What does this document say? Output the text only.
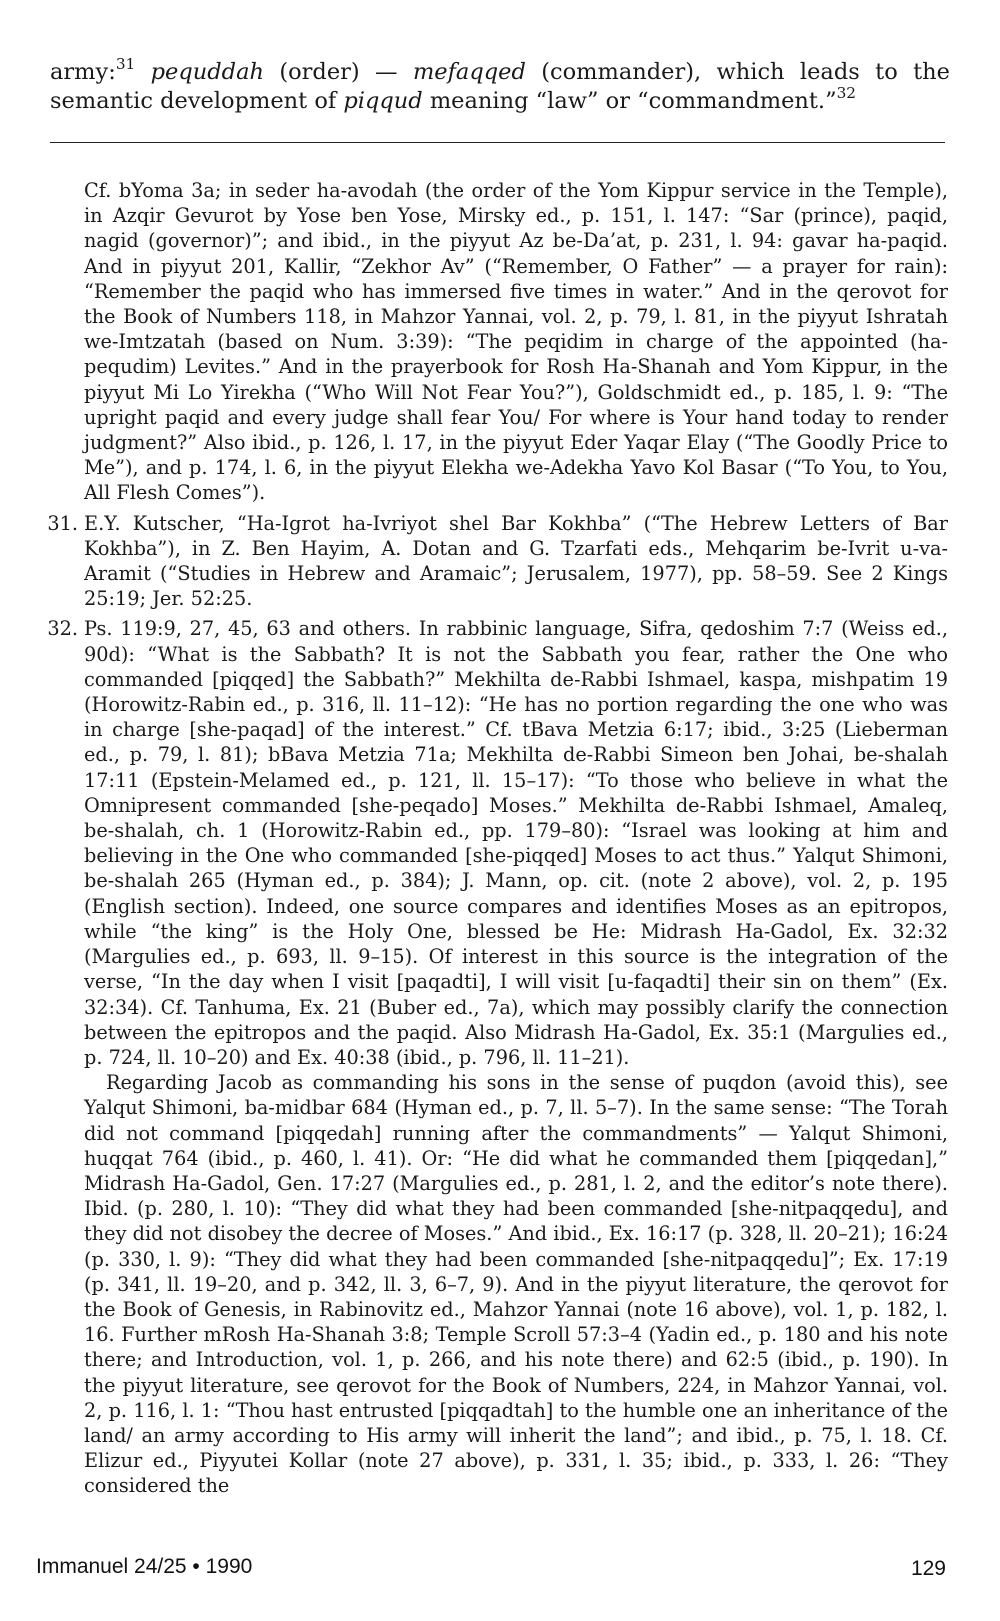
army:$^{31}$ pequddah (order) — mefaqqed (commander), which leads to the semantic development of piqqud meaning “law” or “commandment.”$^{32}$

Cf. bYoma 3a; in seder ha-avodah (the order of the Yom Kippur service in the Temple), in Azqir Gevurot by Yose ben Yose, Mirsky ed., p. 151, l. 147: “Sar (prince), paqid, nagid (governor)”; and ibid., in the piyyut Az be-Da’at, p. 231, l. 94: gavar ha-paqid. And in piyyut 201, Kallir, “Zekhor Av” (“Remember, O Father” — a prayer for rain): “Remember the paqid who has immersed five times in water.” And in the qerovot for the Book of Numbers 118, in Mahzor Yannai, vol. 2, p. 79, l. 81, in the piyyut Ishratah we-Imtzatah (based on Num. 3:39): “The peqidim in charge of the appointed (ha-pequdim) Levites.” And in the prayerbook for Rosh Ha-Shanah and Yom Kippur, in the piyyut Mi Lo Yirekha (“Who Will Not Fear You?”), Goldschmidt ed., p. 185, l. 9: “The upright paqid and every judge shall fear You/ For where is Your hand today to render judgment?” Also ibid., p. 126, l. 17, in the piyyut Eder Yaqar Elay (“The Goodly Price to Me”), and p. 174, l. 6, in the piyyut Elekha we-Adekha Yavo Kol Basar (“To You, to You, All Flesh Comes”).

31. E.Y. Kutscher, “Ha-Igrot ha-Ivriyot shel Bar Kokhba” (“The Hebrew Letters of Bar Kokhba”), in Z. Ben Hayim, A. Dotan and G. Tzarfati eds., Mehqarim be-Ivrit u-va-Aramit (“Studies in Hebrew and Aramaic”; Jerusalem, 1977), pp. 58–59. See 2 Kings 25:19; Jer. 52:25.

32. Ps. 119:9, 27, 45, 63 and others. In rabbinic language, Sifra, qedoshim 7:7 (Weiss ed., 90d): “What is the Sabbath? It is not the Sabbath you fear, rather the One who commanded [piqqed] the Sabbath?” Mekhilta de-Rabbi Ishmael, kaspa, mishpatim 19 (Horowitz-Rabin ed., p. 316, ll. 11–12): “He has no portion regarding the one who was in charge [she-paqad] of the interest.” Cf. tBava Metzia 6:17; ibid., 3:25 (Lieberman ed., p. 79, l. 81); bBava Metzia 71a; Mekhilta de-Rabbi Simeon ben Johai, be-shalah 17:11 (Epstein-Melamed ed., p. 121, ll. 15–17): “To those who believe in what the Omnipresent commanded [she-peqado] Moses.” Mekhilta de-Rabbi Ishmael, Amaleq, be-shalah, ch. 1 (Horowitz-Rabin ed., pp. 179–80): “Israel was looking at him and believing in the One who commanded [she-piqqed] Moses to act thus.” Yalqut Shimoni, be-shalah 265 (Hyman ed., p. 384); J. Mann, op. cit. (note 2 above), vol. 2, p. 195 (English section). Indeed, one source compares and identifies Moses as an epitropos, while “the king” is the Holy One, blessed be He: Midrash Ha-Gadol, Ex. 32:32 (Margulies ed., p. 693, ll. 9–15). Of interest in this source is the integration of the verse, “In the day when I visit [paqadti], I will visit [u-faqadti] their sin on them” (Ex. 32:34). Cf. Tanhuma, Ex. 21 (Buber ed., 7a), which may possibly clarify the connection between the epitropos and the paqid. Also Midrash Ha-Gadol, Ex. 35:1 (Margulies ed., p. 724, ll. 10–20) and Ex. 40:38 (ibid., p. 796, ll. 11–21).

Regarding Jacob as commanding his sons in the sense of puqdon (avoid this), see Yalqut Shimoni, ba-midbar 684 (Hyman ed., p. 7, ll. 5–7). In the same sense: “The Torah did not command [piqqedah] running after the commandments” — Yalqut Shimoni, huqqat 764 (ibid., p. 460, l. 41). Or: “He did what he commanded them [piqqedan],” Midrash Ha-Gadol, Gen. 17:27 (Margulies ed., p. 281, l. 2, and the editor’s note there). Ibid. (p. 280, l. 10): “They did what they had been commanded [she-nitpaqqedu], and they did not disobey the decree of Moses.” And ibid., Ex. 16:17 (p. 328, ll. 20–21); 16:24 (p. 330, l. 9): “They did what they had been commanded [she-nitpaqqedu]”; Ex. 17:19 (p. 341, ll. 19–20, and p. 342, ll. 3, 6–7, 9). And in the piyyut literature, the qerovot for the Book of Genesis, in Rabinovitz ed., Mahzor Yannai (note 16 above), vol. 1, p. 182, l. 16. Further mRosh Ha-Shanah 3:8; Temple Scroll 57:3–4 (Yadin ed., p. 180 and his note there; and Introduction, vol. 1, p. 266, and his note there) and 62:5 (ibid., p. 190). In the piyyut literature, see qerovot for the Book of Numbers, 224, in Mahzor Yannai, vol. 2, p. 116, l. 1: “Thou hast entrusted [piqqadtah] to the humble one an inheritance of the land/ an army according to His army will inherit the land”; and ibid., p. 75, l. 18. Cf. Elizur ed., Piyyutei Kollar (note 27 above), p. 331, l. 35; ibid., p. 333, l. 26: “They considered the

Immanuel 24/25 • 1990	129
